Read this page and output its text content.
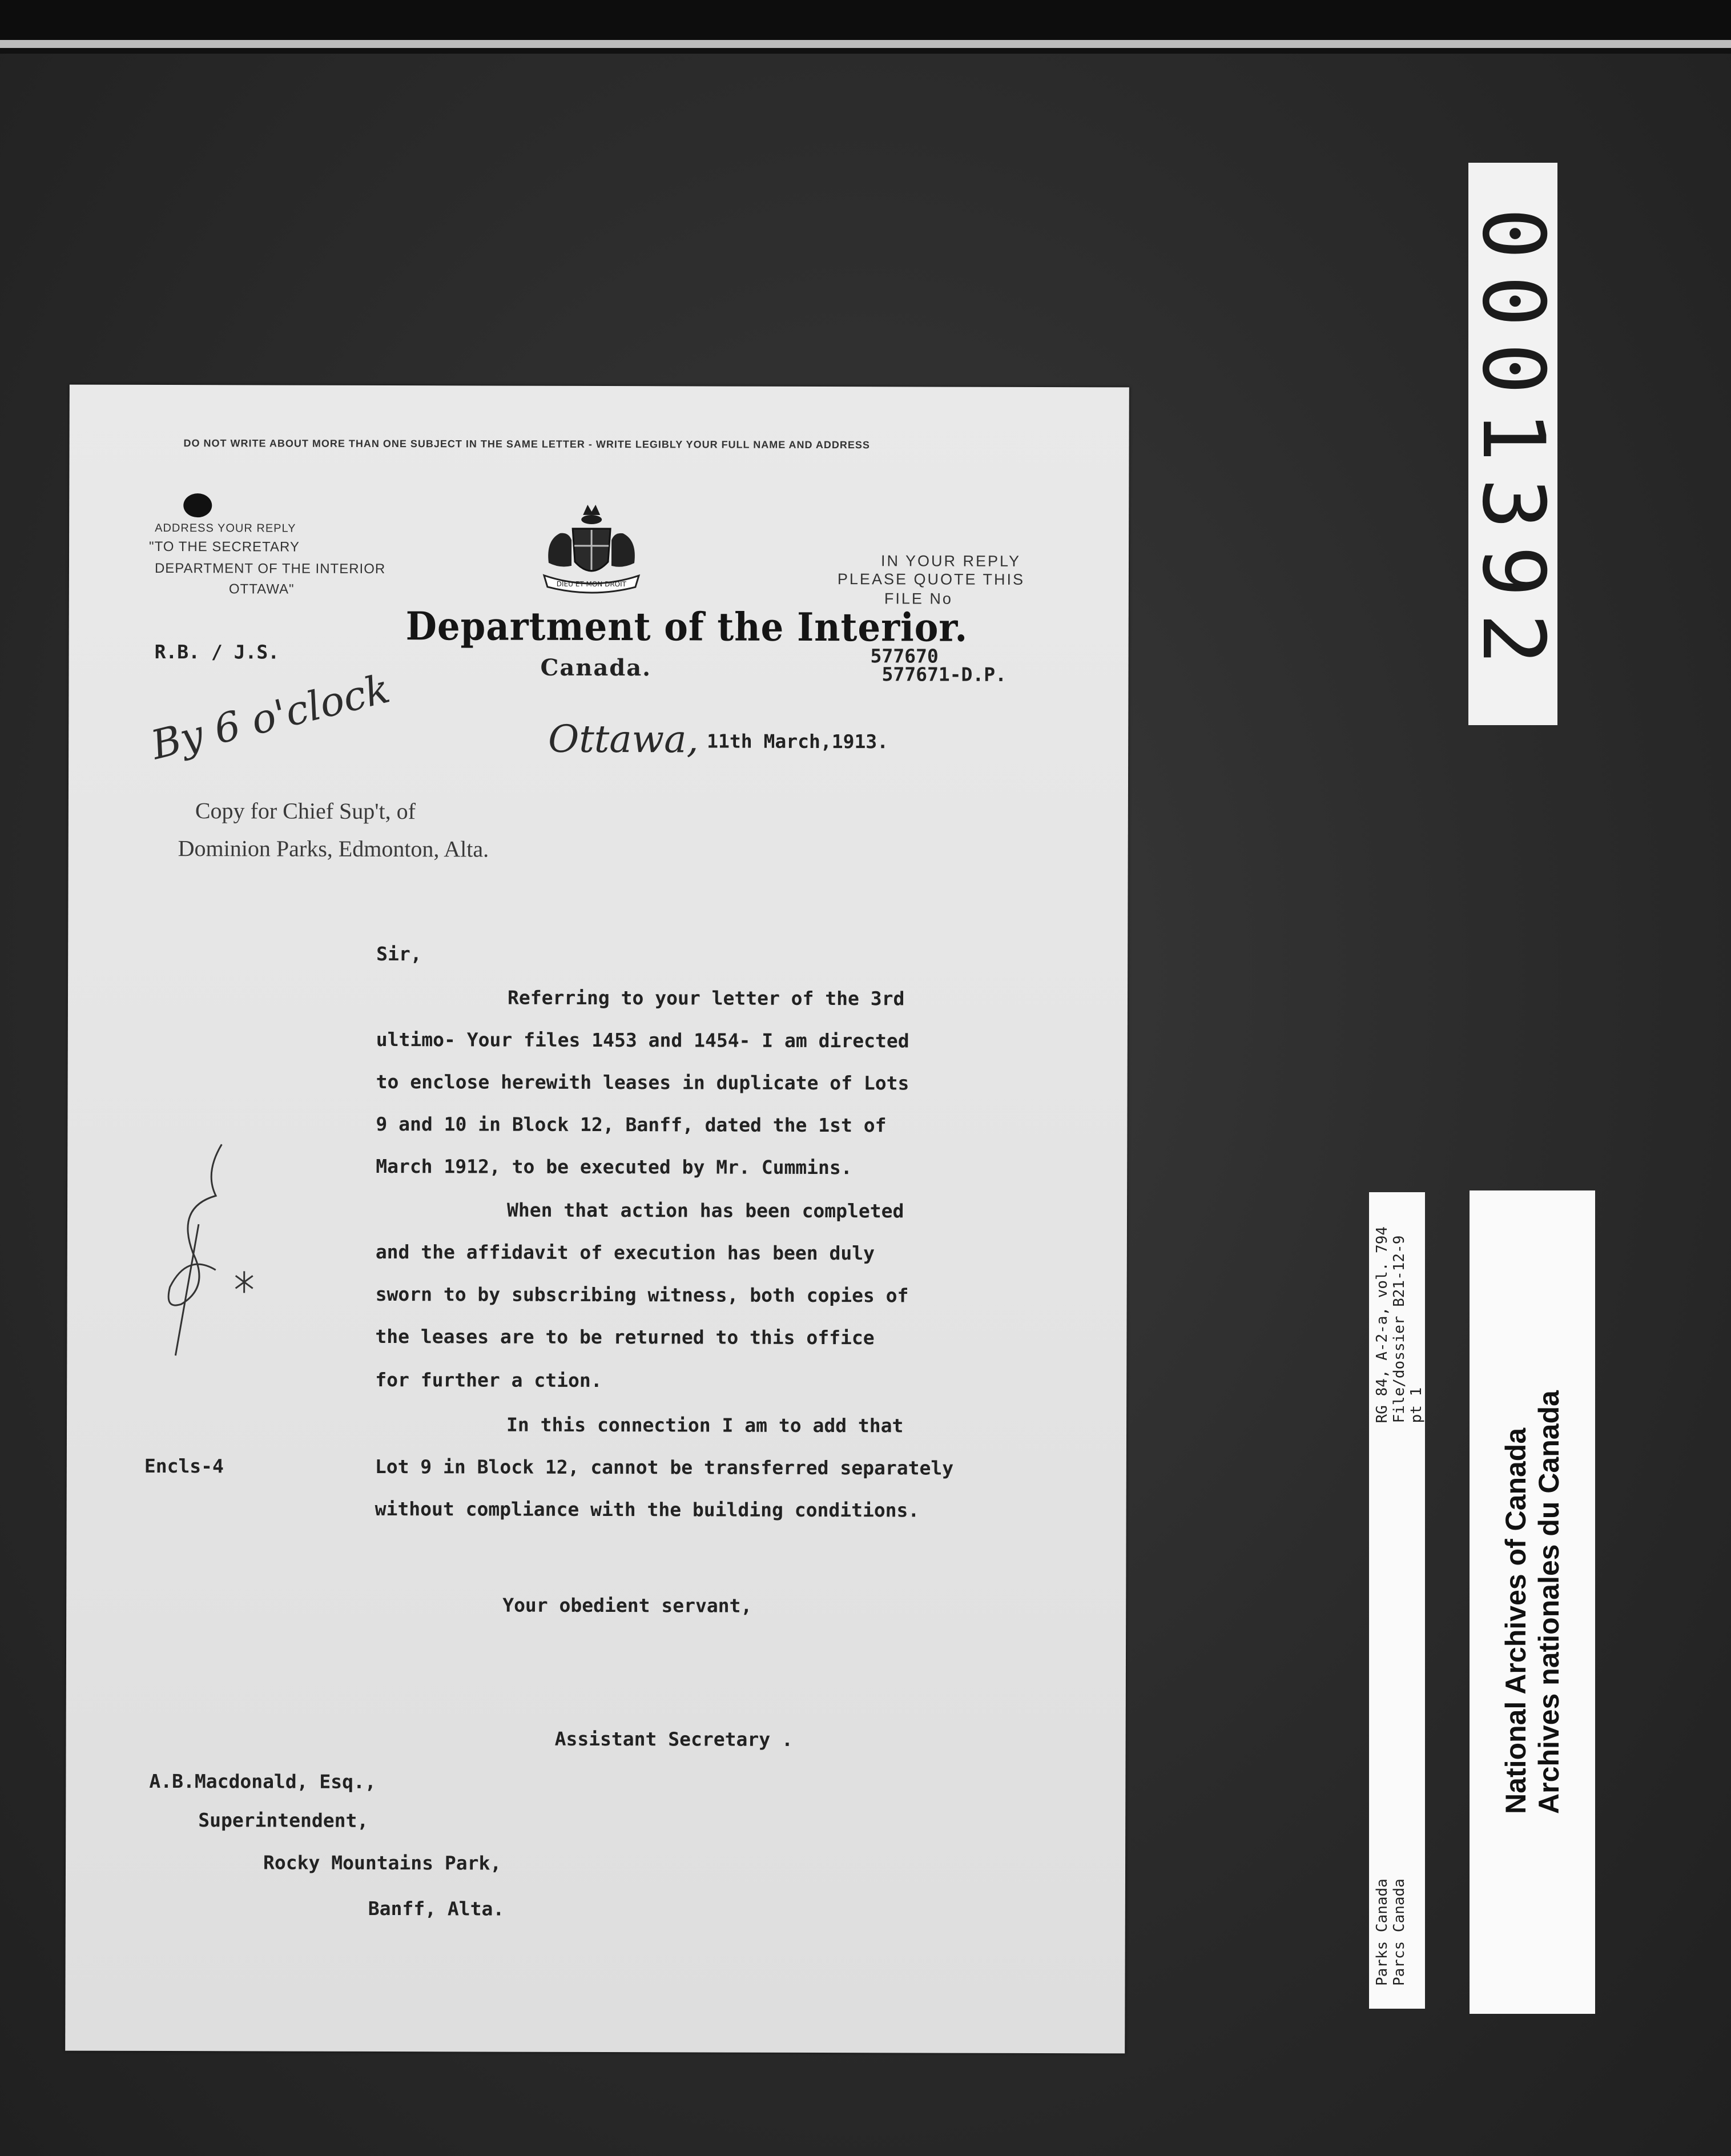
0001392
Parks Canada Parcs Canada
RG 84, A-2-a, vol. 794 File/dossier B21-12-9 pt 1
National Archives of Canada Archives nationales du Canada
DO NOT WRITE ABOUT MORE THAN ONE SUBJECT IN THE SAME LETTER - WRITE LEGIBLY YOUR FULL NAME AND ADDRESS
ADDRESS YOUR REPLY
"TO THE SECRETARY
DEPARTMENT OF THE INTERIOR
OTTAWA"	DIEU ET MON DROIT
IN YOUR REPLY
PLEASE QUOTE THIS
FILE No
Department of the Interior.
Canada.
R.B. / J.S.	577670
577671-D.P.
By 6 o'clock	Ottawa, 11th March,1913.
Copy for Chief Sup't, of
Dominion Parks, Edmonton, Alta.
Sir,
Referring to your letter of the 3rd
ultimo- Your files 1453 and 1454- I am directed
to enclose herewith leases in duplicate of Lots
9 and 10 in Block 12, Banff, dated the 1st of
March 1912, to be executed by Mr. Cummins.
When that action has been completed
and the affidavit of execution has been duly
sworn to by subscribing witness, both copies of
the leases are to be returned to this office
for further a ction.
In this connection I am to add that
Lot 9 in Block 12, cannot be transferred separately
without compliance with the building conditions.
Encls-4
Your obedient servant,
Assistant Secretary .
A.B.Macdonald, Esq.,
Superintendent,
Rocky Mountains Park,
Banff, Alta.
